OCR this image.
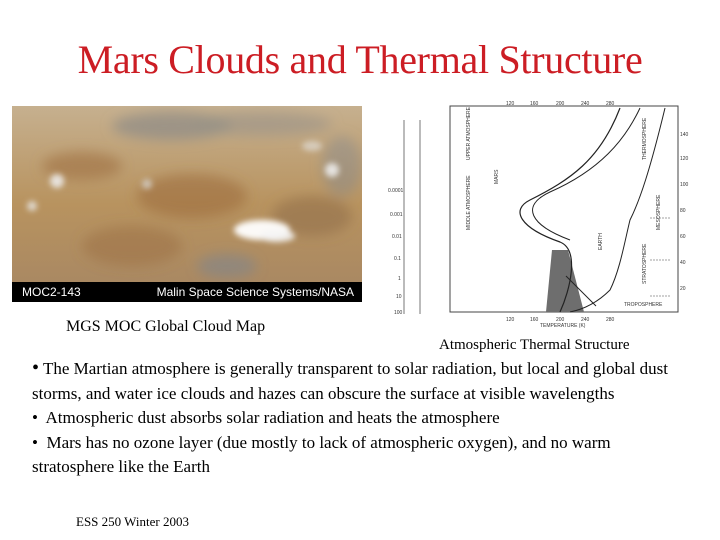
Mars Clouds and Thermal Structure
MOC2-143	Malin Space Science Systems/NASA
MGS MOC Global Cloud Map
0.0001
0.001
0.01
0.1
1
10
100
120	160	200	240	280
120	160	200	240	280
TEMPERATURE (K)
140
120
100
80
60
40
20
UPPER ATMOSPHERE
MIDDLE ATMOSPHERE	MARS
EARTH
THERMOSPHERE
MESOSPHERE
STRATOSPHERE
TROPOSPHERE
Atmospheric Thermal Structure
• The Martian atmosphere is generally transparent to solar radiation, but local and global dust storms, and water ice clouds and hazes can obscure the surface at visible wavelengths
•  Atmospheric dust absorbs solar radiation and heats the atmosphere
•  Mars has no ozone layer (due mostly to lack of atmospheric oxygen), and no warm stratosphere like the Earth
ESS 250 Winter 2003
